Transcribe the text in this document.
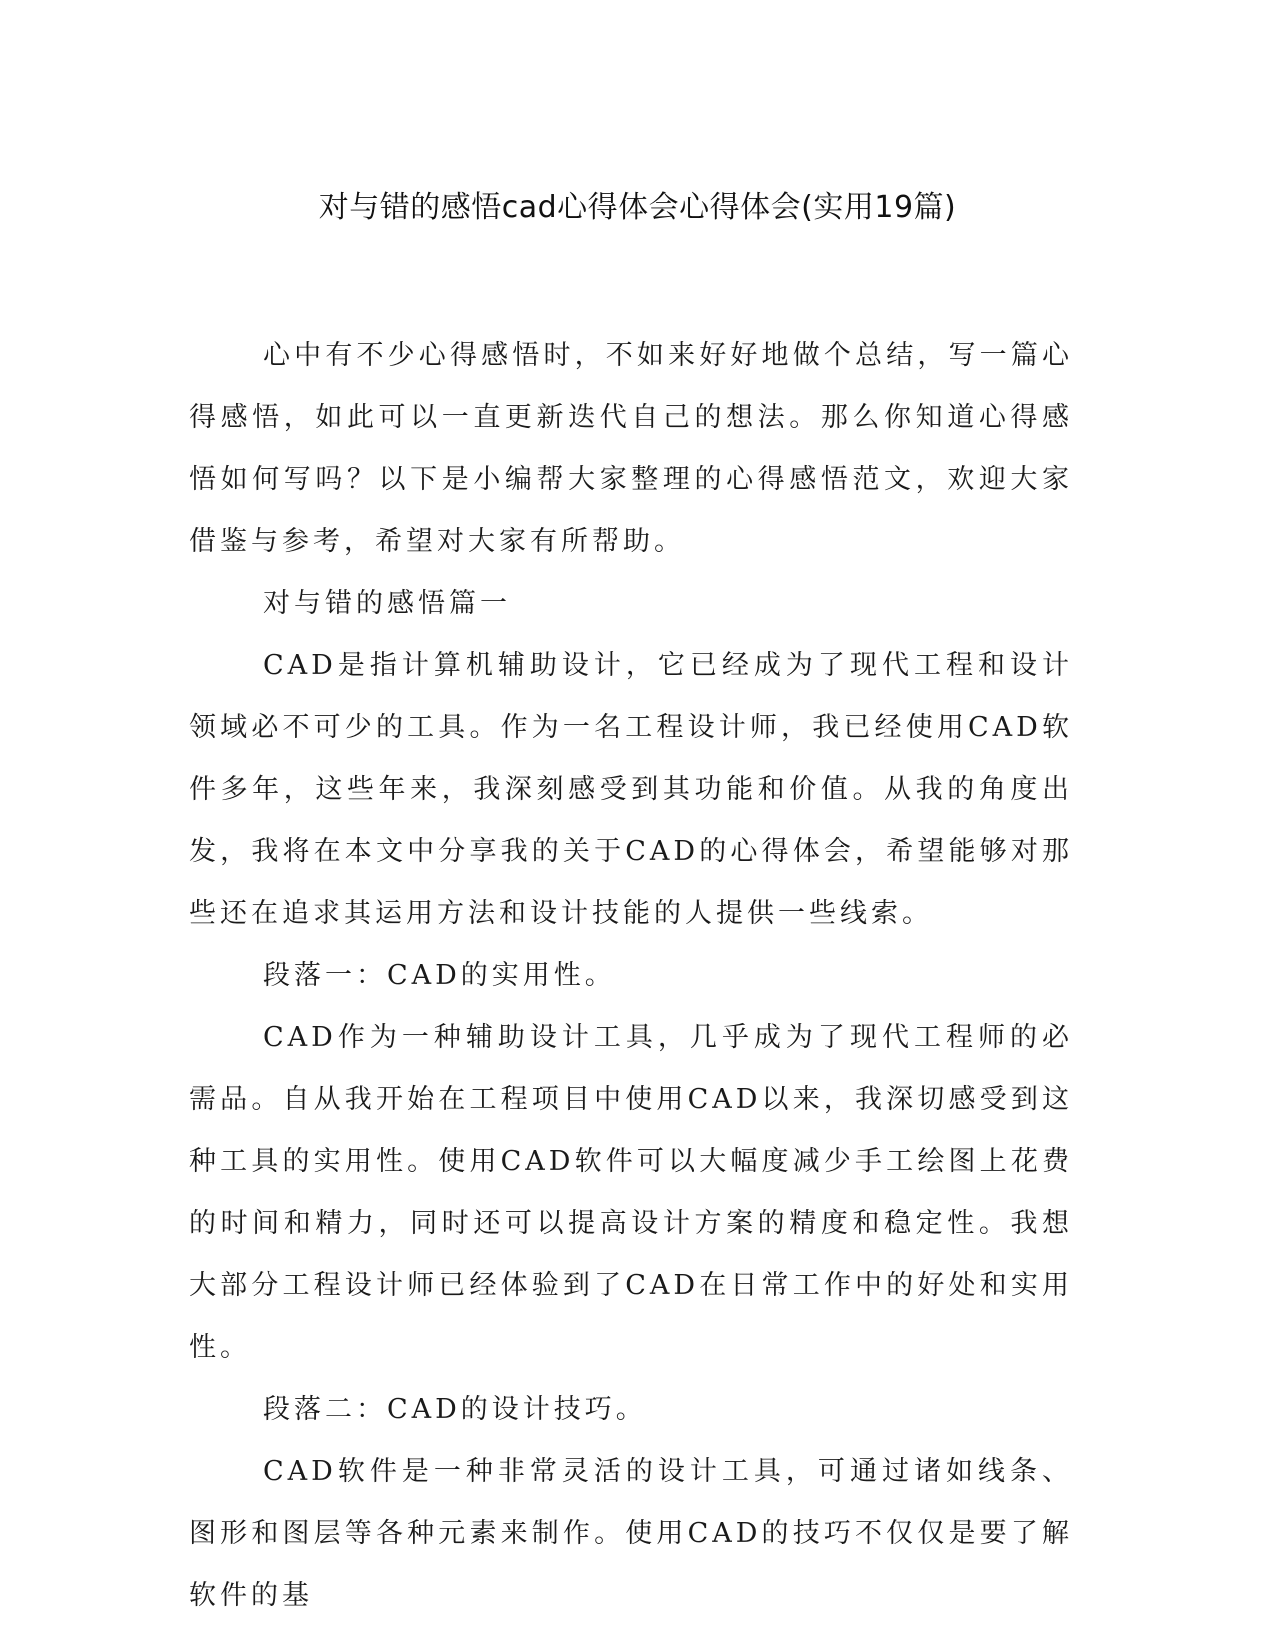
对与错的感悟cad心得体会心得体会(实用19篇)

心中有不少心得感悟时，不如来好好地做个总结，写一篇心得感悟，如此可以一直更新迭代自己的想法。那么你知道心得感悟如何写吗？以下是小编帮大家整理的心得感悟范文，欢迎大家借鉴与参考，希望对大家有所帮助。

对与错的感悟篇一

CAD是指计算机辅助设计，它已经成为了现代工程和设计领域必不可少的工具。作为一名工程设计师，我已经使用CAD软件多年，这些年来，我深刻感受到其功能和价值。从我的角度出发，我将在本文中分享我的关于CAD的心得体会，希望能够对那些还在追求其运用方法和设计技能的人提供一些线索。

段落一：CAD的实用性。

CAD作为一种辅助设计工具，几乎成为了现代工程师的必需品。自从我开始在工程项目中使用CAD以来，我深切感受到这种工具的实用性。使用CAD软件可以大幅度减少手工绘图上花费的时间和精力，同时还可以提高设计方案的精度和稳定性。我想大部分工程设计师已经体验到了CAD在日常工作中的好处和实用性。

段落二：CAD的设计技巧。

CAD软件是一种非常灵活的设计工具，可通过诸如线条、图形和图层等各种元素来制作。使用CAD的技巧不仅仅是要了解软件的基
